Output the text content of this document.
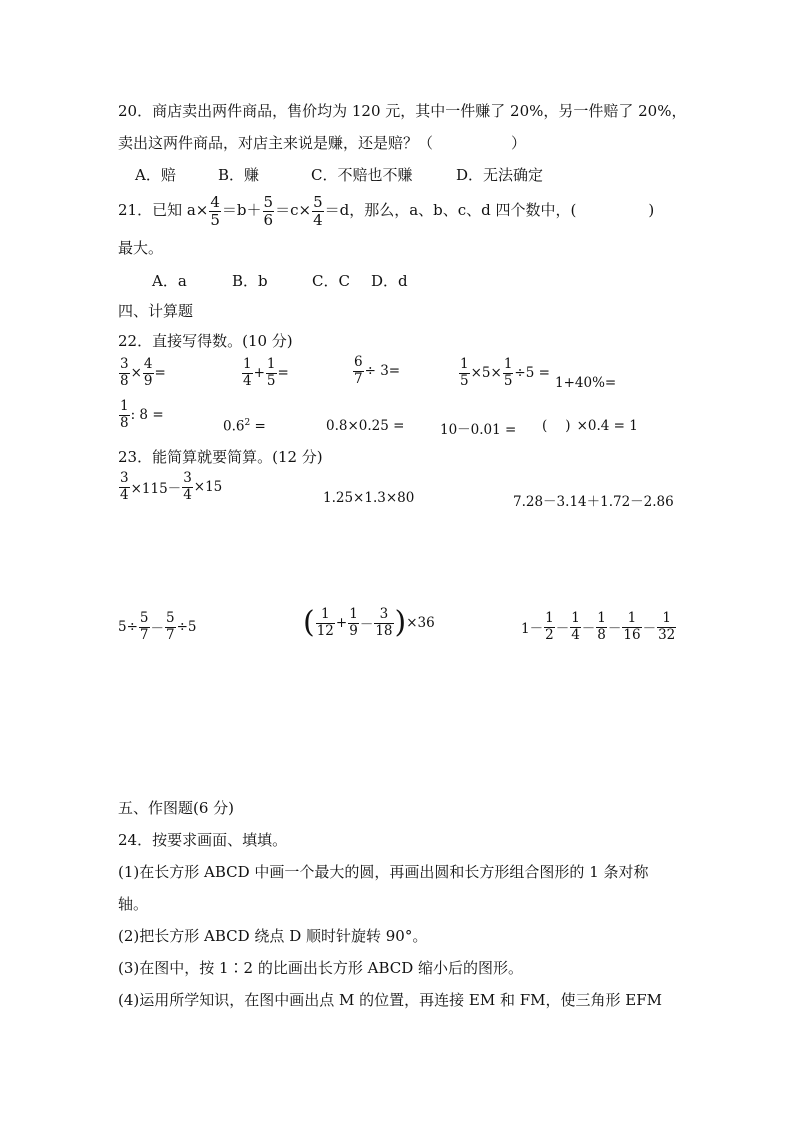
20．商店卖出两件商品，售价均为 120 元，其中一件赚了 20%，另一件赔了 20%，
卖出这两件商品，对店主来说是赚，还是赔？（	）
A．赔	B．赚	C．不赔也不赚	D．无法确定
21．已知 $a\times \frac{4}{5} =b+ \frac{5}{6} =c\times \frac{5}{4} =d$，那么，a、b、c、d 四个数中，(	)
最大。
A．a	B．b	C．C D．d
四、计算题
22．直接写得数。(10 分)
$\frac{3}{8} \times \frac{4}{9}$ =	$\frac{1}{4} + \frac{1}{5}$ =	$\frac{6}{7} \div 3=$	$\frac{1}{5} \times 5\times \frac{1}{5} \div 5$ =
1+40%=
$\frac{1}{8}$ : 8 =
$0.6^2$ =	0.8×0.25 =	10－0.01 = ( ) ×0.4 = 1
23．能简算就要简算。(12 分)
$\frac{3}{4} \times 115- \frac{3}{4} \times 15$
1.25×1.3×80	7.28－3.14＋1.72－2.86
$5\div \frac{5}{7} - \frac{5}{7} \div 5$	( $\frac{1}{12} + \frac{1}{9} - \frac{3}{18} )\times 36$	$1- \frac{1}{2} - \frac{1}{4} - \frac{1}{8} - \frac{1}{16} - \frac{1}{32}$
五、作图题(6 分)
24．按要求画面、填填。
(1)在长方形 ABCD 中画一个最大的圆，再画出圆和长方形组合图形的 1 条对称
轴。
(2)把长方形 ABCD 绕点 D 顺时针旋转 90°。
(3)在图中，按 1∶2 的比画出长方形 ABCD 缩小后的图形。
(4)运用所学知识，在图中画出点 M 的位置，再连接 EM 和 FM，使三角形 EFM
